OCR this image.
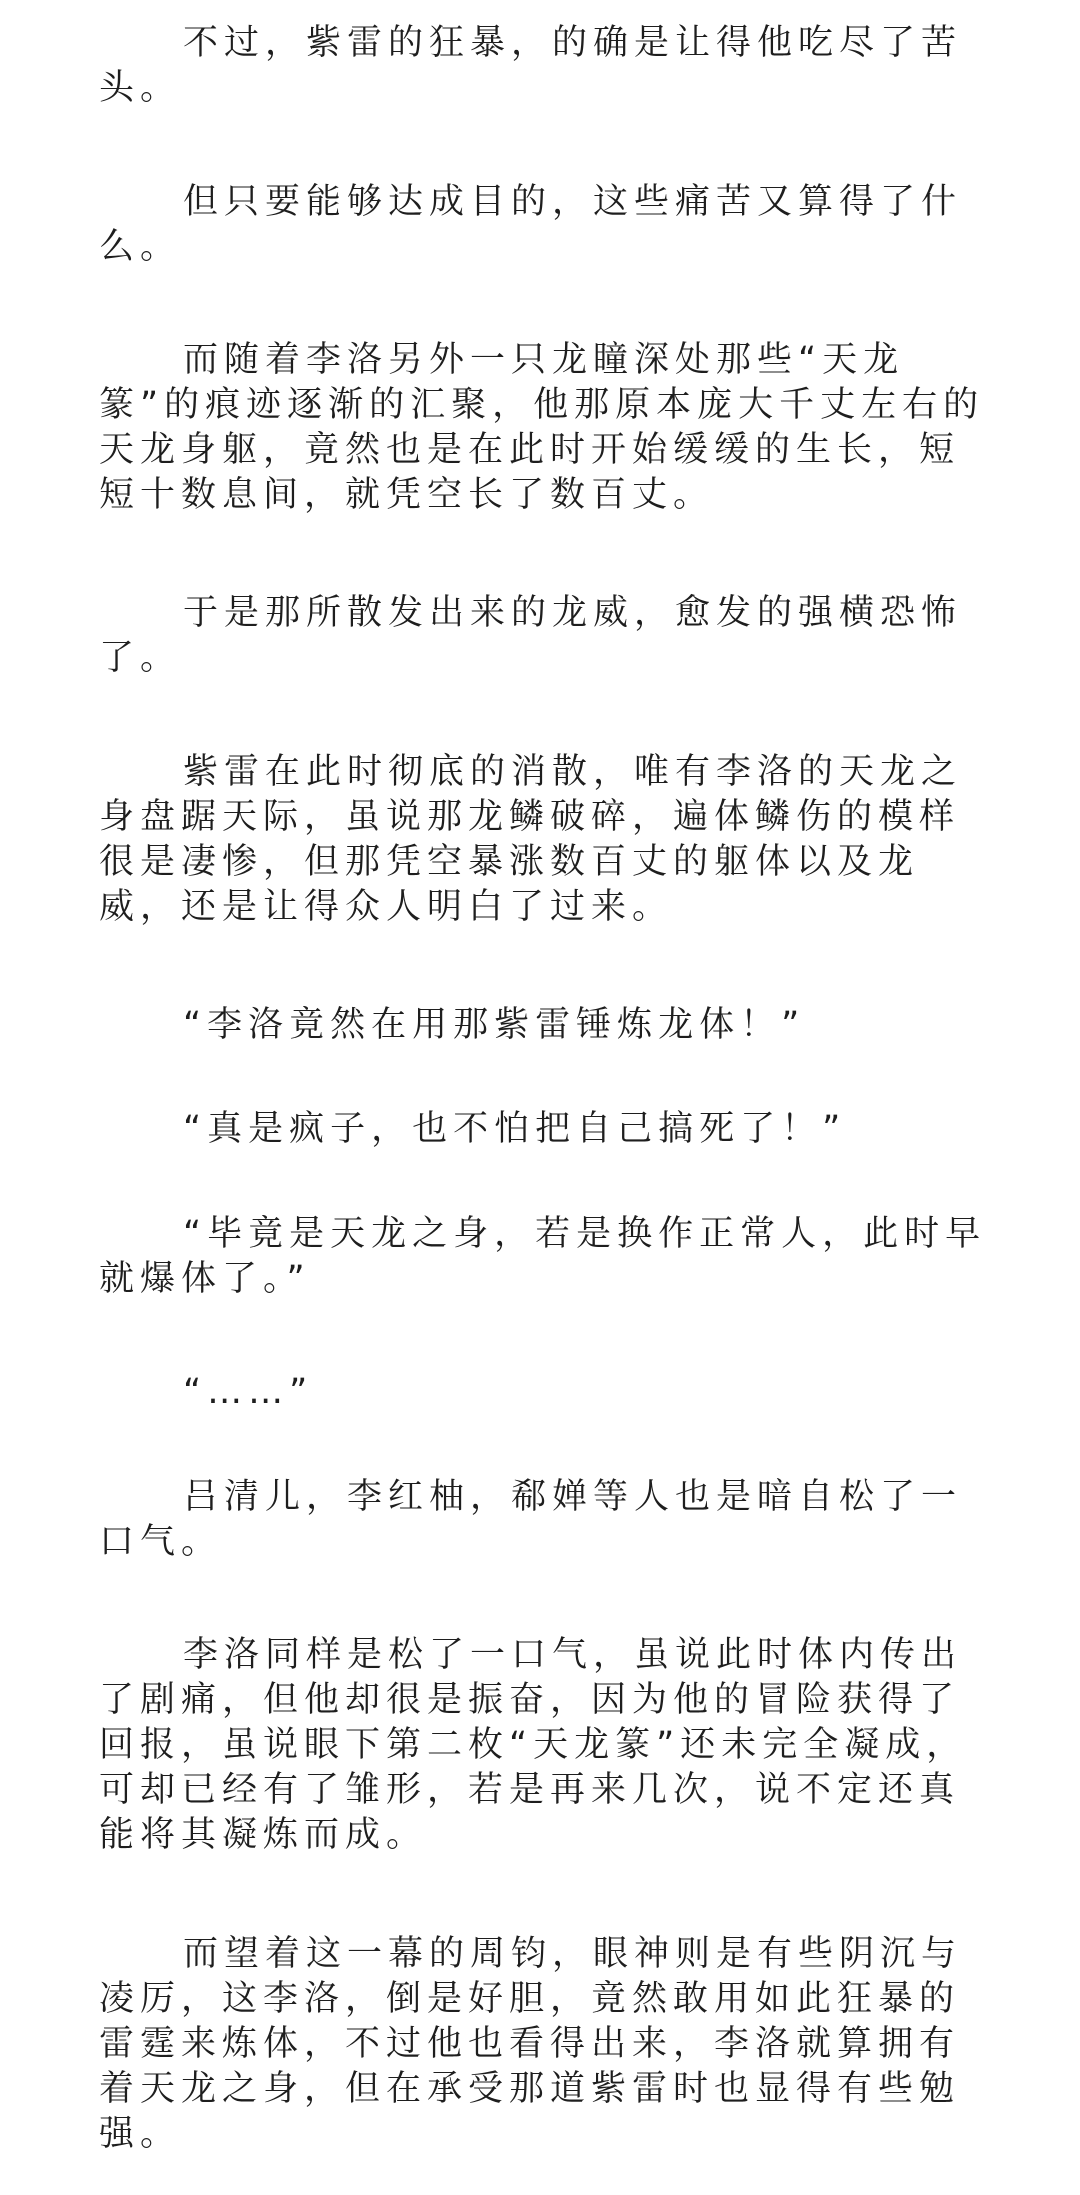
不过，紫雷的狂暴，的确是让得他吃尽了苦头。

但只要能够达成目的，这些痛苦又算得了什么。

而随着李洛另外一只龙瞳深处那些“天龙篆”的痕迹逐渐的汇聚，他那原本庞大千丈左右的天龙身躯，竟然也是在此时开始缓缓的生长，短短十数息间，就凭空长了数百丈。

于是那所散发出来的龙威，愈发的强横恐怖了。

紫雷在此时彻底的消散，唯有李洛的天龙之身盘踞天际，虽说那龙鳞破碎，遍体鳞伤的模样很是凄惨，但那凭空暴涨数百丈的躯体以及龙威，还是让得众人明白了过来。

“李洛竟然在用那紫雷锤炼龙体！”

“真是疯子，也不怕把自己搞死了！”

“毕竟是天龙之身，若是换作正常人，此时早就爆体了。”

“……”

吕清儿，李红柚，郗婵等人也是暗自松了一口气。

李洛同样是松了一口气，虽说此时体内传出了剧痛，但他却很是振奋，因为他的冒险获得了回报，虽说眼下第二枚“天龙篆”还未完全凝成，可却已经有了雏形，若是再来几次，说不定还真能将其凝炼而成。

而望着这一幕的周钧，眼神则是有些阴沉与凌厉，这李洛，倒是好胆，竟然敢用如此狂暴的雷霆来炼体，不过他也看得出来，李洛就算拥有着天龙之身，但在承受那道紫雷时也显得有些勉强。
